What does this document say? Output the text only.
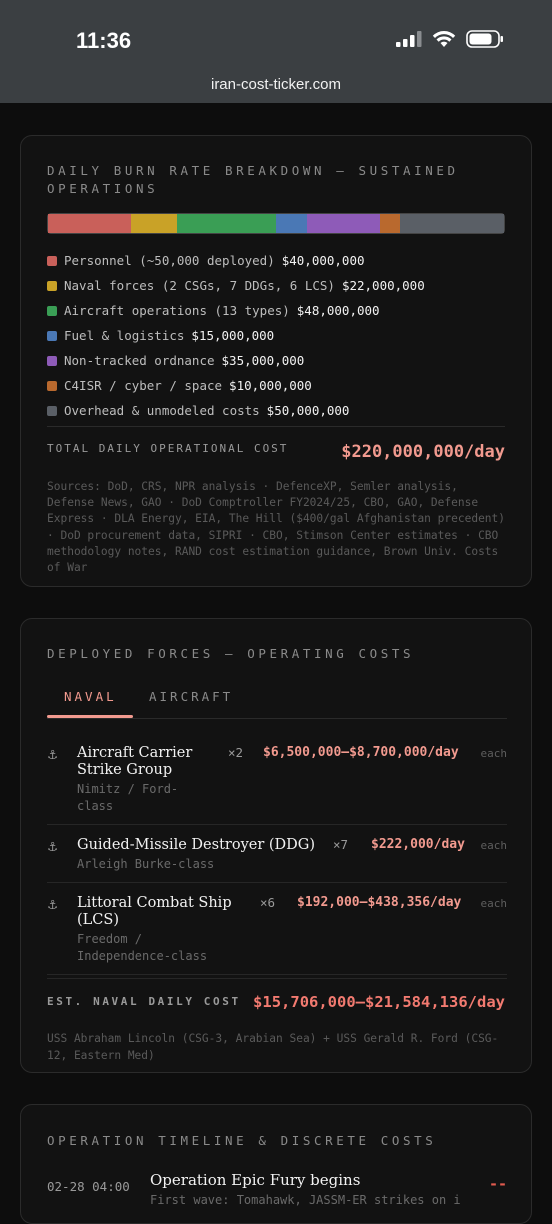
11:36
iran-cost-ticker.com
DAILY BURN RATE BREAKDOWN — SUSTAINED OPERATIONS
Personnel (~50,000 deployed) $40,000,000
Naval forces (2 CSGs, 7 DDGs, 6 LCS) $22,000,000
Aircraft operations (13 types) $48,000,000
Fuel & logistics $15,000,000
Non-tracked ordnance $35,000,000
C4ISR / cyber / space $10,000,000
Overhead & unmodeled costs $50,000,000
TOTAL DAILY OPERATIONAL COST	$220,000,000/day
Sources: DoD, CRS, NPR analysis · DefenceXP, Semler analysis, Defense News, GAO · DoD Comptroller FY2024/25, CBO, GAO, Defense Express · DLA Energy, EIA, The Hill ($400/gal Afghanistan precedent) · DoD procurement data, SIPRI · CBO, Stimson Center estimates · CBO methodology notes, RAND cost estimation guidance, Brown Univ. Costs of War
DEPLOYED FORCES — OPERATING COSTS
NAVAL	AIRCRAFT
⚓ Aircraft Carrier Strike Group
Nimitz / Ford-class
×2 $6,500,000–$8,700,000/day each
⚓ Guided-Missile Destroyer (DDG)
Arleigh Burke-class
×7 $222,000/day each
⚓ Littoral Combat Ship (LCS)
Freedom / Independence-class
×6 $192,000–$438,356/day each
EST. NAVAL DAILY COST $15,706,000–$21,584,136/day
USS Abraham Lincoln (CSG-3, Arabian Sea) + USS Gerald R. Ford (CSG-12, Eastern Med)
OPERATION TIMELINE & DISCRETE COSTS
02-28 04:00 Operation Epic Fury begins
First wave: Tomahawk, JASSM-ER strikes on i
--
